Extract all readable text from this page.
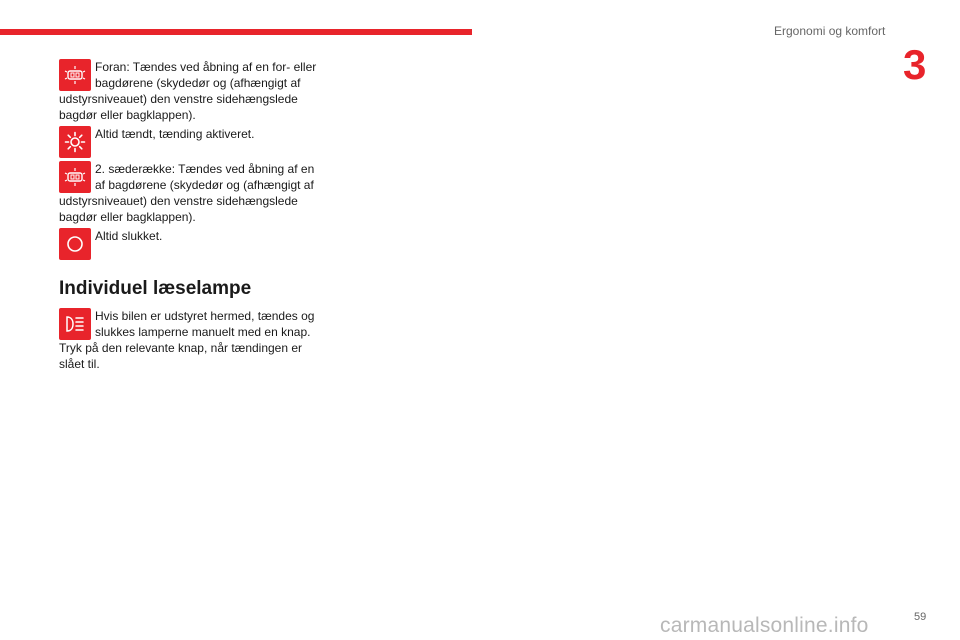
Ergonomi og komfort
3
Foran: Tændes ved åbning af en for- eller bagdørene (skydedør og (afhængigt af udstyrsniveauet) den venstre sidehængslede bagdør eller bagklappen).
Altid tændt, tænding aktiveret.
2. sæderække: Tændes ved åbning af en af bagdørene (skydedør og (afhængigt af udstyrsniveauet) den venstre sidehængslede bagdør eller bagklappen).
Altid slukket.
Individuel læselampe
Hvis bilen er udstyret hermed, tændes og slukkes lamperne manuelt med en knap. Tryk på den relevante knap, når tændingen er slået til.
carmanualsonline.info	59
